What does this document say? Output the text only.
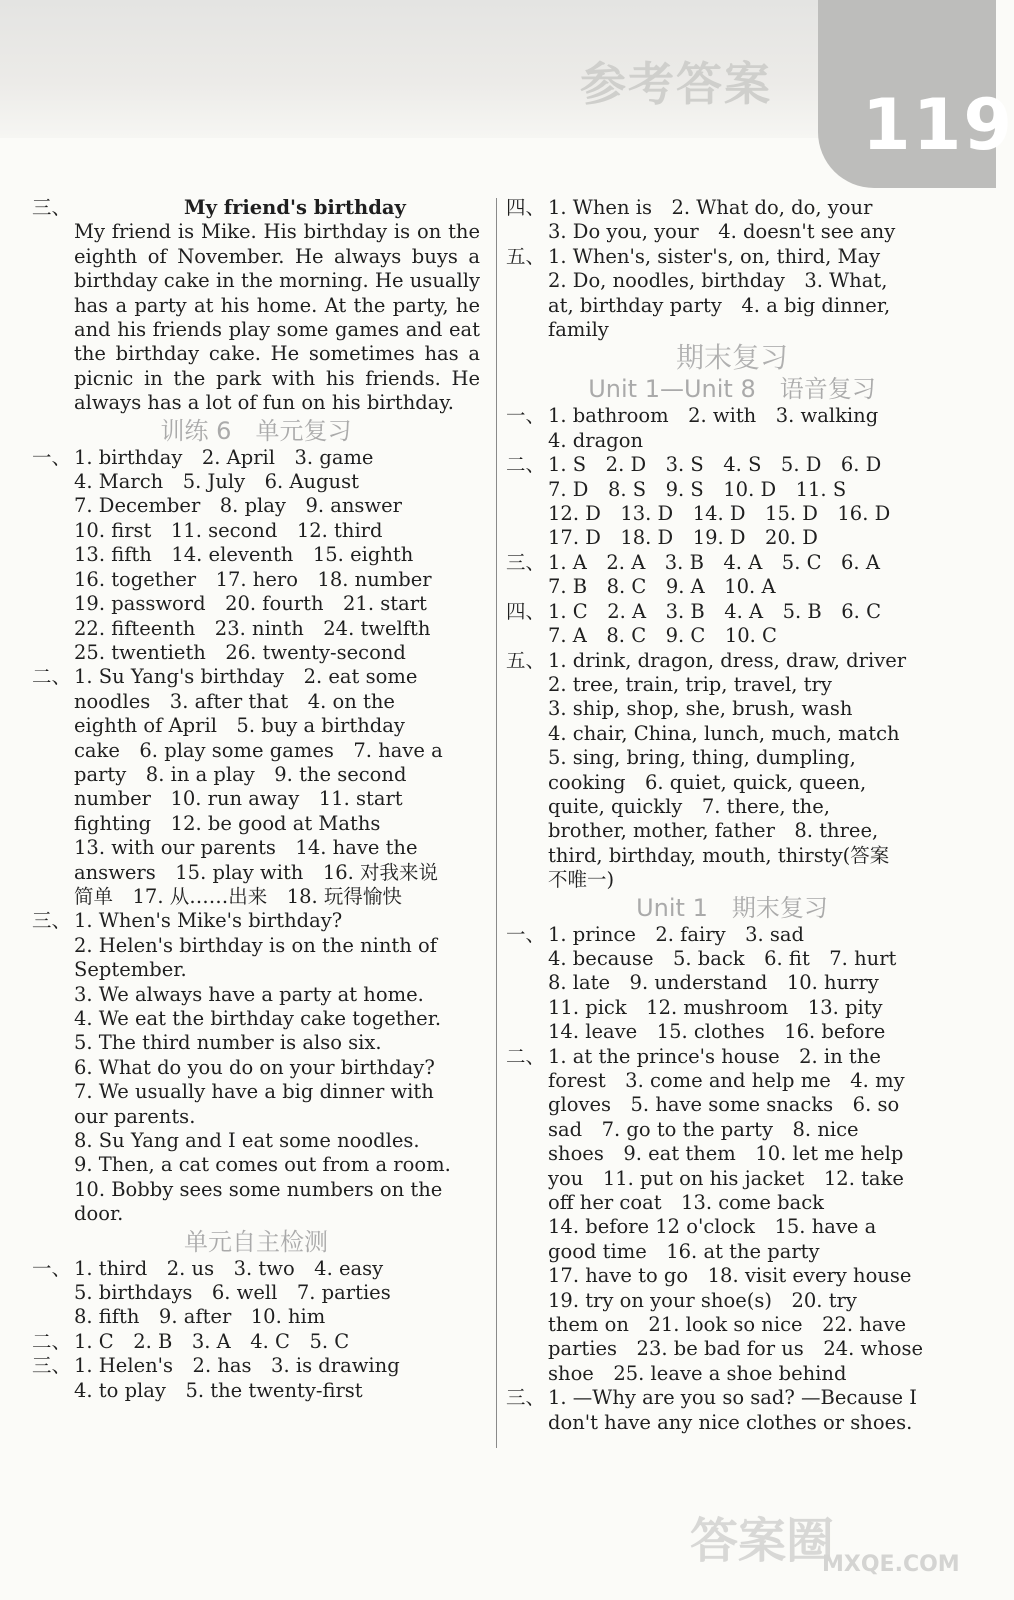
参考答案 119
三、	My friend's birthday
My friend is Mike. His birthday is on the eighth of November. He always buys a birthday cake in the morning. He usually has a party at his home. At the party, he and his friends play some games and eat the birthday cake. He sometimes has a picnic in the park with his friends. He always has a lot of fun on his birthday.
训练 6　单元复习
一、 1. birthday　2. April　3. game
4. March　5. July　6. August
7. December　8. play　9. answer
10. first　11. second　12. third
13. fifth　14. eleventh　15. eighth
16. together　17. hero　18. number
19. password　20. fourth　21. start
22. fifteenth　23. ninth　24. twelfth
25. twentieth　26. twenty-second
二、 1. Su Yang's birthday　2. eat some
noodles　3. after that　4. on the
eighth of April　5. buy a birthday
cake　6. play some games　7. have a
party　8. in a play　9. the second
number　10. run away　11. start
fighting　12. be good at Maths
13. with our parents　14. have the
answers　15. play with　16. 对我来说
简单　17. 从……出来　18. 玩得愉快
三、 1. When's Mike's birthday?
2. Helen's birthday is on the ninth of
September.
3. We always have a party at home.
4. We eat the birthday cake together.
5. The third number is also six.
6. What do you do on your birthday?
7. We usually have a big dinner with
our parents.
8. Su Yang and I eat some noodles.
9. Then, a cat comes out from a room.
10. Bobby sees some numbers on the
door.
单元自主检测
一、 1. third　2. us　3. two　4. easy
5. birthdays　6. well　7. parties
8. fifth　9. after　10. him
二、 1. C　2. B　3. A　4. C　5. C
三、 1. Helen's　2. has　3. is drawing
4. to play　5. the twenty-first
四、 1. When is　2. What do, do, your
3. Do you, your　4. doesn't see any
五、 1. When's, sister's, on, third, May
2. Do, noodles, birthday　3. What,
at, birthday party　4. a big dinner,
family
期末复习
Unit 1—Unit 8　语音复习
一、 1. bathroom　2. with　3. walking
4. dragon
二、 1. S　2. D　3. S　4. S　5. D　6. D
7. D　8. S　9. S　10. D　11. S
12. D　13. D　14. D　15. D　16. D
17. D　18. D　19. D　20. D
三、 1. A　2. A　3. B　4. A　5. C　6. A
7. B　8. C　9. A　10. A
四、 1. C　2. A　3. B　4. A　5. B　6. C
7. A　8. C　9. C　10. C
五、 1. drink, dragon, dress, draw, driver
2. tree, train, trip, travel, try
3. ship, shop, she, brush, wash
4. chair, China, lunch, much, match
5. sing, bring, thing, dumpling,
cooking　6. quiet, quick, queen,
quite, quickly　7. there, the,
brother, mother, father　8. three,
third, birthday, mouth, thirsty(答案
不唯一)
Unit 1　期末复习
一、 1. prince　2. fairy　3. sad
4. because　5. back　6. fit　7. hurt
8. late　9. understand　10. hurry
11. pick　12. mushroom　13. pity
14. leave　15. clothes　16. before
二、 1. at the prince's house　2. in the
forest　3. come and help me　4. my
gloves　5. have some snacks　6. so
sad　7. go to the party　8. nice
shoes　9. eat them　10. let me help
you　11. put on his jacket　12. take
off her coat　13. come back
14. before 12 o'clock　15. have a
good time　16. at the party
17. have to go　18. visit every house
19. try on your shoe(s)　20. try
them on　21. look so nice　22. have
parties　23. be bad for us　24. whose
shoe　25. leave a shoe behind
三、 1. —Why are you so sad? —Because I
don't have any nice clothes or shoes.
答案圈
MXQE.COM
